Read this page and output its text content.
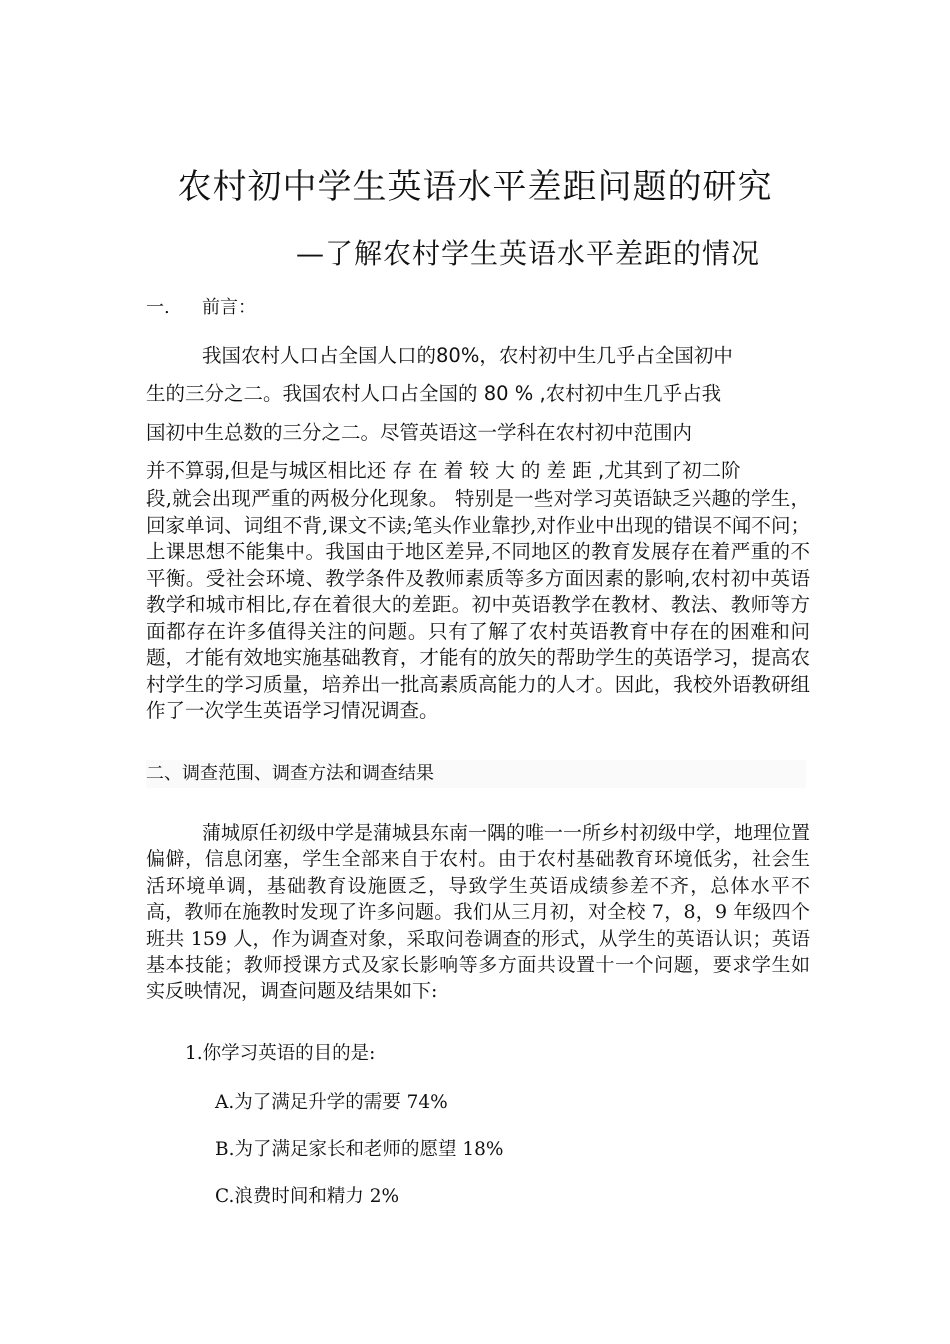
农村初中学生英语水平差距问题的研究
—了解农村学生英语水平差距的情况
一. 前言：
我国农村人口占全国人口的80%，农村初中生几乎占全国初中
生的三分之二。我国农村人口占全国的 80 % ,农村初中生几乎占我
国初中生总数的三分之二。尽管英语这一学科在农村初中范围内
并不算弱,但是与城区相比还 存 在 着 较 大 的 差 距 ,尤其到了初二阶

段,就会出现严重的两极分化现象。 特别是一些对学习英语缺乏兴趣的学生， 回家单词、词组不背,课文不读;笔头作业靠抄,对作业中出现的错误不闻不问；上课思想不能集中。我国由于地区差异,不同地区的教育发展存在着严重的不平衡。受社会环境、教学条件及教师素质等多方面因素的影响,农村初中英语教学和城市相比,存在着很大的差距。初中英语教学在教材、教法、教师等方面都存在许多值得关注的问题。只有了解了农村英语教育中存在的困难和问题，才能有效地实施基础教育，才能有的放矢的帮助学生的英语学习，提高农村学生的学习质量，培养出一批高素质高能力的人才。因此，我校外语教研组作了一次学生英语学习情况调查。

二、调查范围、调查方法和调查结果

蒲城原任初级中学是蒲城县东南一隅的唯一一所乡村初级中学，地理位置偏僻，信息闭塞，学生全部来自于农村。由于农村基础教育环境低劣，社会生活环境单调，基础教育设施匮乏，导致学生英语成绩参差不齐，总体水平不高，教师在施教时发现了许多问题。我们从三月初，对全校 7，8，9 年级四个班共 159 人，作为调查对象，采取问卷调查的形式，从学生的英语认识；英语基本技能；教师授课方式及家长影响等多方面共设置十一个问题，要求学生如实反映情况，调查问题及结果如下:

1.你学习英语的目的是:
A.为了满足升学的需要 74%
B.为了满足家长和老师的愿望 18%
C.浪费时间和精力 2%
